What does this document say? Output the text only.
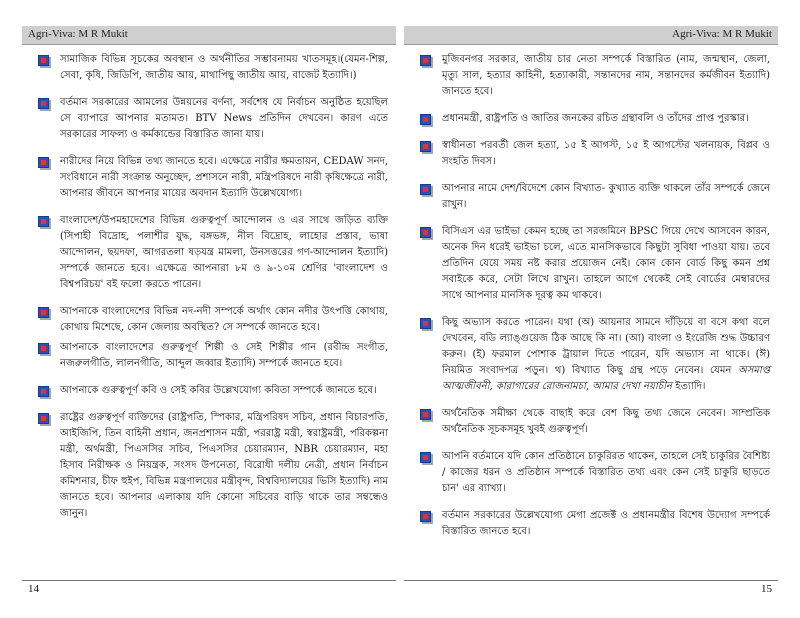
Agri-Viva: M R Mukit
সামাজিক বিভিন্ন সূচকের অবস্থান ও অর্থনীতির সম্ভাবনাময় খাতসমূহ।(যেমন-শিল্প, সেবা, কৃষি, জিডিপি, জাতীয় আয়, মাথাপিছু জাতীয় আয়, বাজেট ইত্যাদি।)
বর্তমান সরকারের আমলের উন্নয়নের বর্ণনা, সর্বশেষ যে নির্বাচন অনুষ্ঠিত হয়েছিল সে ব্যাপারে আপনার মতামত। BTV News প্রতিদিন দেখবেন। কারণ এতে সরকারের সাফল্য ও কর্মকান্ডের বিস্তারিত জানা যায়।
নারীদের নিয়ে বিভিন্ন তথ্য জানতে হবে। এক্ষেত্রে নারীর ক্ষমতায়ন, CEDAW সনদ, সংবিধানে নারী সংক্রান্ত অনুচ্ছেদ, প্রশাসনে নারী, মন্ত্রিপরিষদে নারী কৃষিক্ষেত্রে নারী, আপনার জীবনে আপনার মায়ের অবদান ইত্যাদি উল্লেখযোগ্য।
বাংলাদেশ/উপমহাদেশের বিভিন্ন গুরুত্বপূর্ণ আন্দোলন ও এর সাথে জড়িত ব্যক্তি (সিপাহী বিদ্রোহ, পলাশীর যুদ্ধ, বঙ্গভঙ্গ, নীল বিদ্রোহ, লাহোর প্রস্তাব, ভাষা আন্দোলন, ছয়দফা, আগরতলা ষড়যন্ত্র মামলা, উনসত্তরের গণ-আন্দোলন ইত্যাদি) সম্পর্কে জানতে হবে। এক্ষেত্রে আপনারা ৮ম ও ৯-১০ম শ্রেণির 'বাংলাদেশ ও বিশ্বপরিচয়' বই ফলো করতে পারেন।
আপনাকে বাংলাদেশের বিভিন্ন নদ-নদী সম্পর্কে অর্থাৎ কোন নদীর উৎপত্তি কোথায়, কোথায় মিশেছে, কোন জেলায় অবস্থিত? সে সম্পর্কে জানতে হবে।
আপনাকে বাংলাদেশের গুরুত্বপূর্ণ শিল্পী ও সেই শিল্পীর গান (রবীন্দ্র সংগীত, নজরুলগীতি, লালনগীতি, আব্দুল জব্বার ইত্যাদি) সম্পর্কে জানতে হবে।
আপনাকে গুরুত্বপূর্ণ কবি ও সেই কবির উল্লেখযোগ্য কবিতা সম্পর্কে জানতে হবে।
রাষ্ট্রের গুরুত্বপূর্ণ ব্যক্তিদের (রাষ্ট্রপতি, স্পিকার, মন্ত্রিপরিষদ সচিব, প্রধান বিচারপতি, আইজিপি, তিন বাহিনী প্রধান, জনপ্রশাসন মন্ত্রী, পররাষ্ট্র মন্ত্রী, স্বরাষ্ট্রমন্ত্রী, পরিকল্পনা মন্ত্রী, অর্থমন্ত্রী, পিএসসির সচিব, পিএসসির চেয়ারম্যান, NBR চেয়ারম্যান, মহা হিসাব নিরীক্ষক ও নিয়ন্ত্রক, সংসদ উপনেতা, বিরোধী দলীয় নেত্রী, প্রধান নির্বাচন কমিশনার, চীফ হুইপ, বিভিন্ন মন্ত্রণালয়ের মন্ত্রীবৃন্দ, বিশ্ববিদ্যালয়ের ভিসি ইত্যাদি) নাম জানতে হবে। আপনার এলাকায় যদি কোনো সচিবের বাড়ি থাকে তার সম্বন্ধেও জানুন।
14
Agri-Viva: M R Mukit
মুজিবনগর সরকার, জাতীয় চার নেতা সম্পর্কে বিস্তারিত (নাম, জন্মস্থান, জেলা, মৃত্যু সাল, হত্যার কাহিনী, হত্যাকারী, সন্তানদের নাম, সন্তানদের কর্মজীবন ইত্যাদি) জানতে হবে।
প্রধানমন্ত্রী, রাষ্ট্রপতি ও জাতির জনকের রচিত গ্রন্থাবলি ও তাঁদের প্রাপ্ত পুরস্কার।
স্বাধীনতা পরবর্তী জেল হত্যা, ১৫ ই আগস্ট, ১৫ ই আগস্টের খলনায়ক, বিপ্লব ও সংহতি দিবস।
আপনার নামে দেশ/বিদেশে কোন বিখ্যাত- কুখ্যাত ব্যক্তি থাকলে তাঁর সম্পর্কে জেনে রাখুন।
বিসিএস এর ভাইভা কেমন হচ্ছে তা সরজমিনে BPSC গিয়ে দেখে আসবেন কারন, অনেক দিন ধরেই ভাইভা চলে, এতে মানসিকভাবে কিছুটা সুবিধা পাওয়া যায়। তবে প্রতিদিন যেয়ে সময় নষ্ট করার প্রয়োজন নেই। কোন কোন বোর্ড কিছু কমন প্রশ্ন সবাইকে করে, সেটা লিখে রাখুন। তাহলে আগে থেকেই সেই বোর্ডের মেম্বারদের সাথে আপনার মানসিক দূরত্ব কম থাকবে।
কিছু অভ্যাস করতে পারেন। যথা (অ) আয়নার সামনে দাঁড়িয়ে বা বসে কথা বলে দেখবেন, বডি ল্যাঙ্গুয়েজ ঠিক আছে কি না। (আ) বাংলা ও ইংরেজি শুদ্ধ উচ্চারণ করুন। (ই) ফরমাল পোশাক ট্রায়াল দিতে পারেন, যদি অভ্যাস না থাকে। (ঈ) নিয়মিত সংবাদপত্র পড়ুন। থ) বিখ্যাত কিছু গ্রন্থ পড়ে নেবেন। যেমন অসমাপ্ত আত্মজীবনী, কারাগারের রোজনামচা, আমার দেখা নয়াচীন ইত্যাদি।
অর্থনৈতিক সমীক্ষা থেকে বাছাই করে বেশ কিছু তথ্য জেনে নেবেন। সাম্প্রতিক অর্থনৈতিক সূচকসমূহ খুবই গুরুত্বপূর্ণ।
আপনি বর্তমানে যদি কোন প্রতিষ্ঠানে চাকুরিরত থাকেন, তাহলে সেই চাকুরির বৈশিষ্ট্য / কাজের ধরন ও প্রতিষ্ঠান সম্পর্কে বিস্তারিত তথ্য এবং কেন সেই চাকুরি ছাড়তে চান' এর ব্যাখ্যা।
বর্তমান সরকারের উল্লেখযোগ্য মেগা প্রজেক্ট ও প্রধানমন্ত্রীর বিশেষ উদ্যোগ সম্পর্কে বিস্তারিত জানতে হবে।
15
